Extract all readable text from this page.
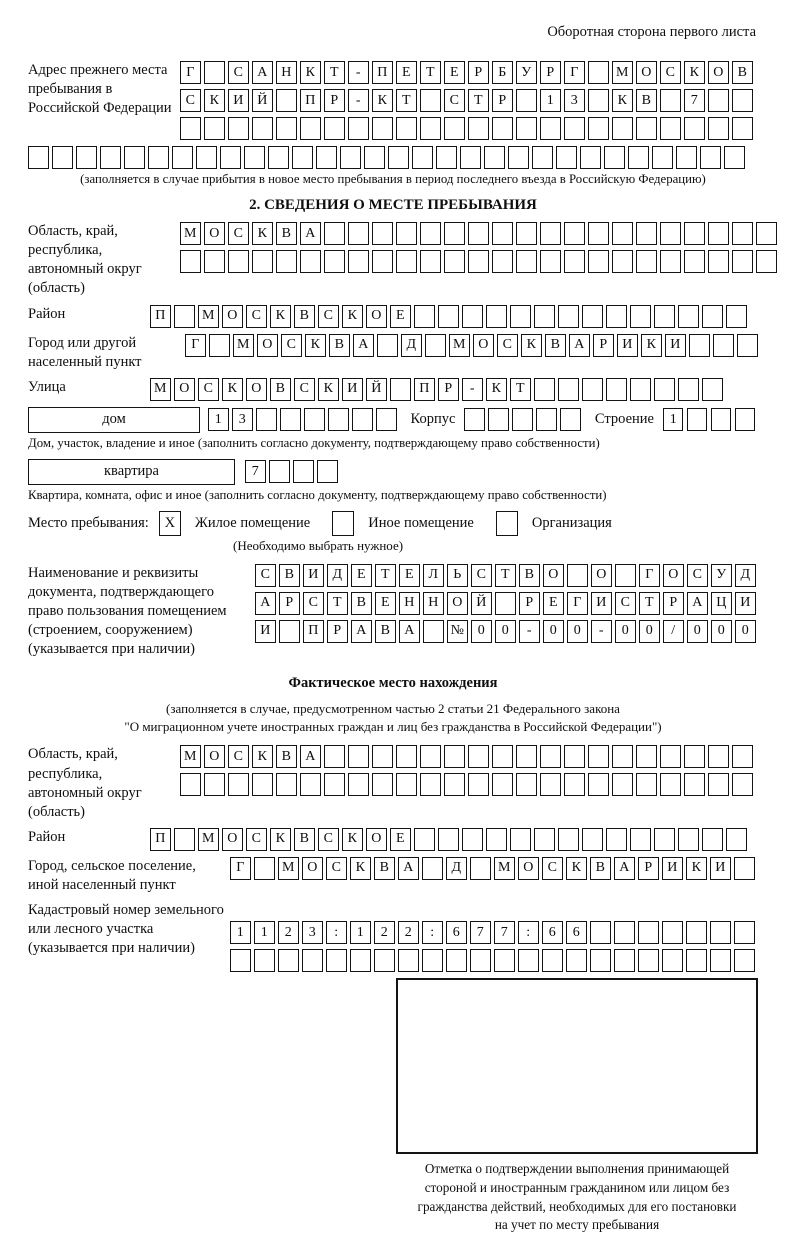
Оборотная сторона первого листа
Адрес прежнего места пребывания в Российской Федерации
Г	С	А Н	К	Т	-	П	Е	Т	Е	Р	Б	У	Р	Г	М О	С	К	О	В
С	К	И Й	П	Р	-	К	Т	С	Т	Р	1	3	К	В	7
(заполняется в случае прибытия в новое место пребывания в период последнего въезда в Российскую Федерацию)
2. СВЕДЕНИЯ О МЕСТЕ ПРЕБЫВАНИЯ
Область, край, республика, автономный округ (область)
М О	С	К	В	А
Район	П	М О	С	К	В	С	К	О	Е
Город или другой населенный пункт
Г	М О	С	К	В	А	Д	М О	С	К	В	А	Р	И	К	И
Улица	М О	С	К	О	В	С	К	И Й	П	Р	-	К	Т
дом	1	3	Корпус	Строение	1
Дом, участок, владение и иное (заполнить согласно документу, подтверждающему право собственности)
квартира	7
Квартира, комната, офис и иное (заполнить согласно документу, подтверждающему право собственности)
Место пребывания:	X	Жилое помещение	Иное помещение	Организация
(Необходимо выбрать нужное)
Наименование и реквизиты документа, подтверждающего право пользования помещением (строением, сооружением) (указывается при наличии)
С	В	И	Д	Е	Т	Е	Л	Ь	С	Т	В	О	О	Г	О	С	У	Д
А	Р	С	Т	В	Е	Н Н О Й	Р	Е	Г	И	С	Т	Р	А Ц И
И	П	Р	А	В	А	№ 0	0	-	0	0	-	0	0	/	0	0	0
Фактическое место нахождения
(заполняется в случае, предусмотренном частью 2 статьи 21 Федерального закона
"О миграционном учете иностранных граждан и лиц без гражданства в Российской Федерации")
Область, край, республика, автономный округ (область)
М О	С	К	В	А
Район	П	М О	С	К	В	С	К	О	Е
Город, сельское поселение, иной населенный пункт
Г	М О	С	К	В	А	Д	М О	С	К	В	А	Р	И	К	И
Кадастровый номер земельного или лесного участка (указывается при наличии)
1	1	2	3	:	1	2	2	:	6	7	7	:	6	6
Отметка о подтверждении выполнения принимающей
стороной и иностранным гражданином или лицом без
гражданства действий, необходимых для его постановки
на учет по месту пребывания
